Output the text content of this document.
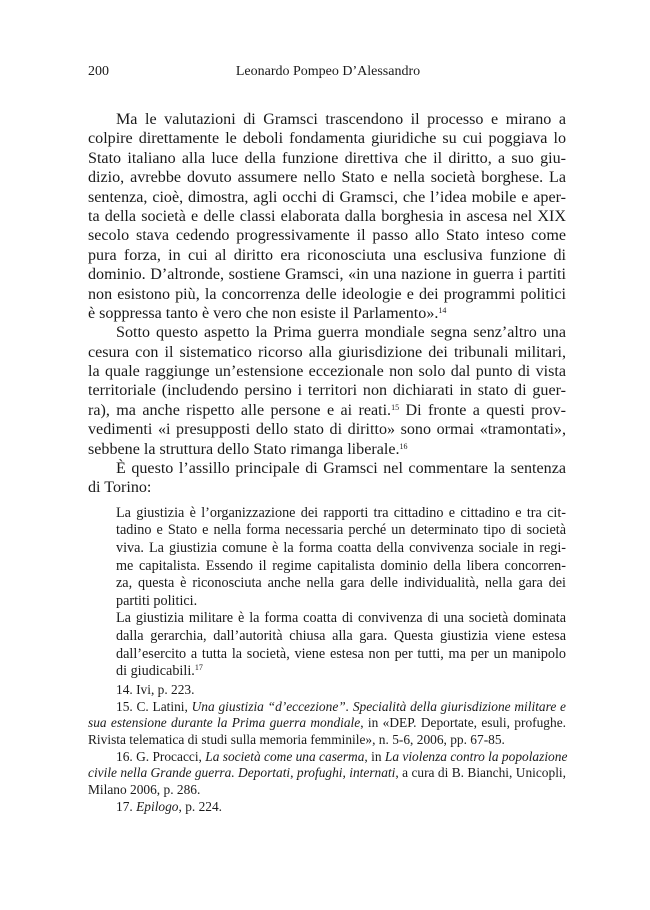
200	Leonardo Pompeo D’Alessandro
Ma le valutazioni di Gramsci trascendono il processo e mirano a
colpire direttamente le deboli fondamenta giuridiche su cui poggiava lo
Stato italiano alla luce della funzione direttiva che il diritto, a suo giu-
dizio, avrebbe dovuto assumere nello Stato e nella società borghese. La
sentenza, cioè, dimostra, agli occhi di Gramsci, che l’idea mobile e aper-
ta della società e delle classi elaborata dalla borghesia in ascesa nel XIX
secolo stava cedendo progressivamente il passo allo Stato inteso come
pura forza, in cui al diritto era riconosciuta una esclusiva funzione di
dominio. D’altronde, sostiene Gramsci, «in una nazione in guerra i partiti
non esistono più, la concorrenza delle ideologie e dei programmi politici
è soppressa tanto è vero che non esiste il Parlamento».$^{14}$
Sotto questo aspetto la Prima guerra mondiale segna senz’altro una
cesura con il sistematico ricorso alla giurisdizione dei tribunali militari,
la quale raggiunge un’estensione eccezionale non solo dal punto di vista
territoriale (includendo persino i territori non dichiarati in stato di guer-
ra), ma anche rispetto alle persone e ai reati.$^{15}$ Di fronte a questi prov-
vedimenti «i presupposti dello stato di diritto» sono ormai «tramontati»,
sebbene la struttura dello Stato rimanga liberale.$^{16}$
È questo l’assillo principale di Gramsci nel commentare la sentenza
di Torino:
La giustizia è l’organizzazione dei rapporti tra cittadino e cittadino e tra cit-
tadino e Stato e nella forma necessaria perché un determinato tipo di società
viva. La giustizia comune è la forma coatta della convivenza sociale in regi-
me capitalista. Essendo il regime capitalista dominio della libera concorren-
za, questa è riconosciuta anche nella gara delle individualità, nella gara dei
partiti politici.
La giustizia militare è la forma coatta di convivenza di una società dominata
dalla gerarchia, dall’autorità chiusa alla gara. Questa giustizia viene estesa
dall’esercito a tutta la società, viene estesa non per tutti, ma per un manipolo
di giudicabili.$^{17}$
14. Ivi, p. 223.
15. C. Latini, Una giustizia “d’eccezione”. Specialità della giurisdizione militare e
sua estensione durante la Prima guerra mondiale, in «DEP. Deportate, esuli, profughe.
Rivista telematica di studi sulla memoria femminile», n. 5-6, 2006, pp. 67-85.
16. G. Procacci, La società come una caserma, in La violenza contro la popolazione
civile nella Grande guerra. Deportati, profughi, internati, a cura di B. Bianchi, Unicopli,
Milano 2006, p. 286.
17. Epilogo, p. 224.
